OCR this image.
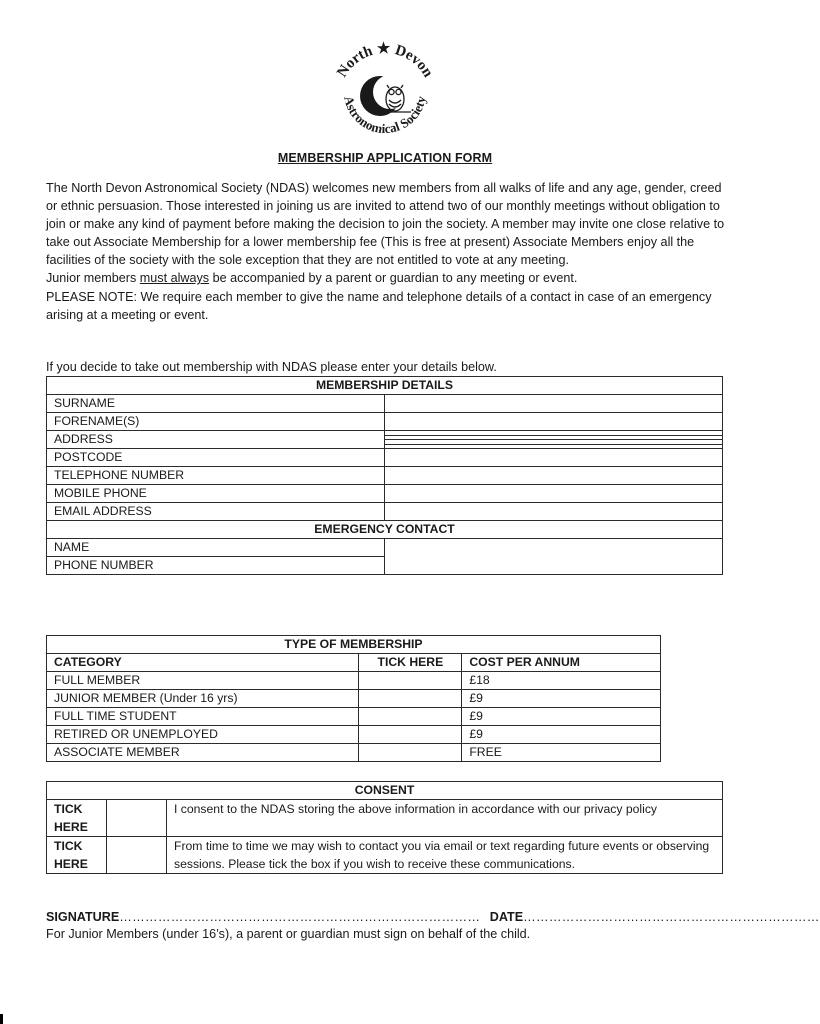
North ★ Devon
Astronomical Society
MEMBERSHIP APPLICATION FORM

The North Devon Astronomical Society (NDAS) welcomes new members from all walks of life and any age, gender, creed or ethnic persuasion. Those interested in joining us are invited to attend two of our monthly meetings without obligation to join or make any kind of payment before making the decision to join the society. A member may invite one close relative to take out Associate Membership for a lower membership fee (This is free at present) Associate Members enjoy all the facilities of the society with the sole exception that they are not entitled to vote at any meeting.

Junior members must always be accompanied by a parent or guardian to any meeting or event.

PLEASE NOTE: We require each member to give the name and telephone details of a contact in case of an emergency arising at a meeting or event.

If you decide to take out membership with NDAS please enter your details below.
MEMBERSHIP DETAILS	
SURNAME	
FORENAME(S)	
ADDRESS	

POSTCODE	
TELEPHONE NUMBER	
MOBILE PHONE	
EMAIL ADDRESS	
EMERGENCY CONTACT	
NAME	
PHONE NUMBER	
TYPE OF MEMBERSHIP		
CATEGORY	TICK HERE	COST PER ANNUM
FULL MEMBER		£18
JUNIOR MEMBER (Under 16 yrs)		£9
FULL TIME STUDENT		£9
RETIRED OR UNEMPLOYED		£9
ASSOCIATE MEMBER		FREE
CONSENT		
TICK HERE		I consent to the NDAS storing the above information in accordance with our privacy policy
TICK HERE		From time to time we may wish to contact you via email or text regarding future events or observing sessions. Please tick the box if you wish to receive these communications.
SIGNATURE………………………………………………………………………… DATE……………………………………………………………
For Junior Members (under 16’s), a parent or guardian must sign on behalf of the child.
